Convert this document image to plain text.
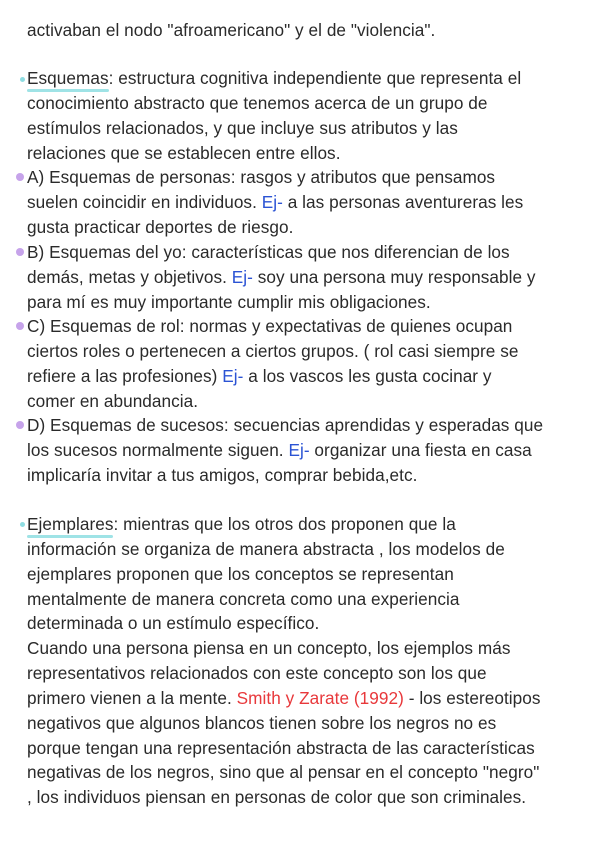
activaban el nodo "afroamericano" y el de "violencia".
Esquemas
: estructura cognitiva independiente que representa el
conocimiento abstracto que tenemos acerca de un grupo de
estímulos relacionados, y que incluye sus atributos y las
relaciones que se establecen entre ellos.
A) Esquemas de personas: rasgos y atributos que pensamos
suelen coincidir en individuos. Ej- a las personas aventureras les
gusta practicar deportes de riesgo.
B) Esquemas del yo: características que nos diferencian de los
demás, metas y objetivos. Ej- soy una persona muy responsable y
para mí es muy importante cumplir mis obligaciones.
C) Esquemas de rol: normas y expectativas de quienes ocupan
ciertos roles o pertenecen a ciertos grupos. ( rol casi siempre se
refiere a las profesiones) Ej- a los vascos les gusta cocinar y
comer en abundancia.
D) Esquemas de sucesos: secuencias aprendidas y esperadas que
los sucesos normalmente siguen. Ej- organizar una fiesta en casa
implicaría invitar a tus amigos, comprar bebida,etc.
Ejemplares
: mientras que los otros dos proponen que la
información se organiza de manera abstracta , los modelos de
ejemplares proponen que los conceptos se representan
mentalmente de manera concreta como una experiencia
determinada o un estímulo específico.
Cuando una persona piensa en un concepto, los ejemplos más
representativos relacionados con este concepto son los que
primero vienen a la mente. Smith y Zarate (1992) - los estereotipos
negativos que algunos blancos tienen sobre los negros no es
porque tengan una representación abstracta de las características
negativas de los negros, sino que al pensar en el concepto "negro"
, los individuos piensan en personas de color que son criminales.
